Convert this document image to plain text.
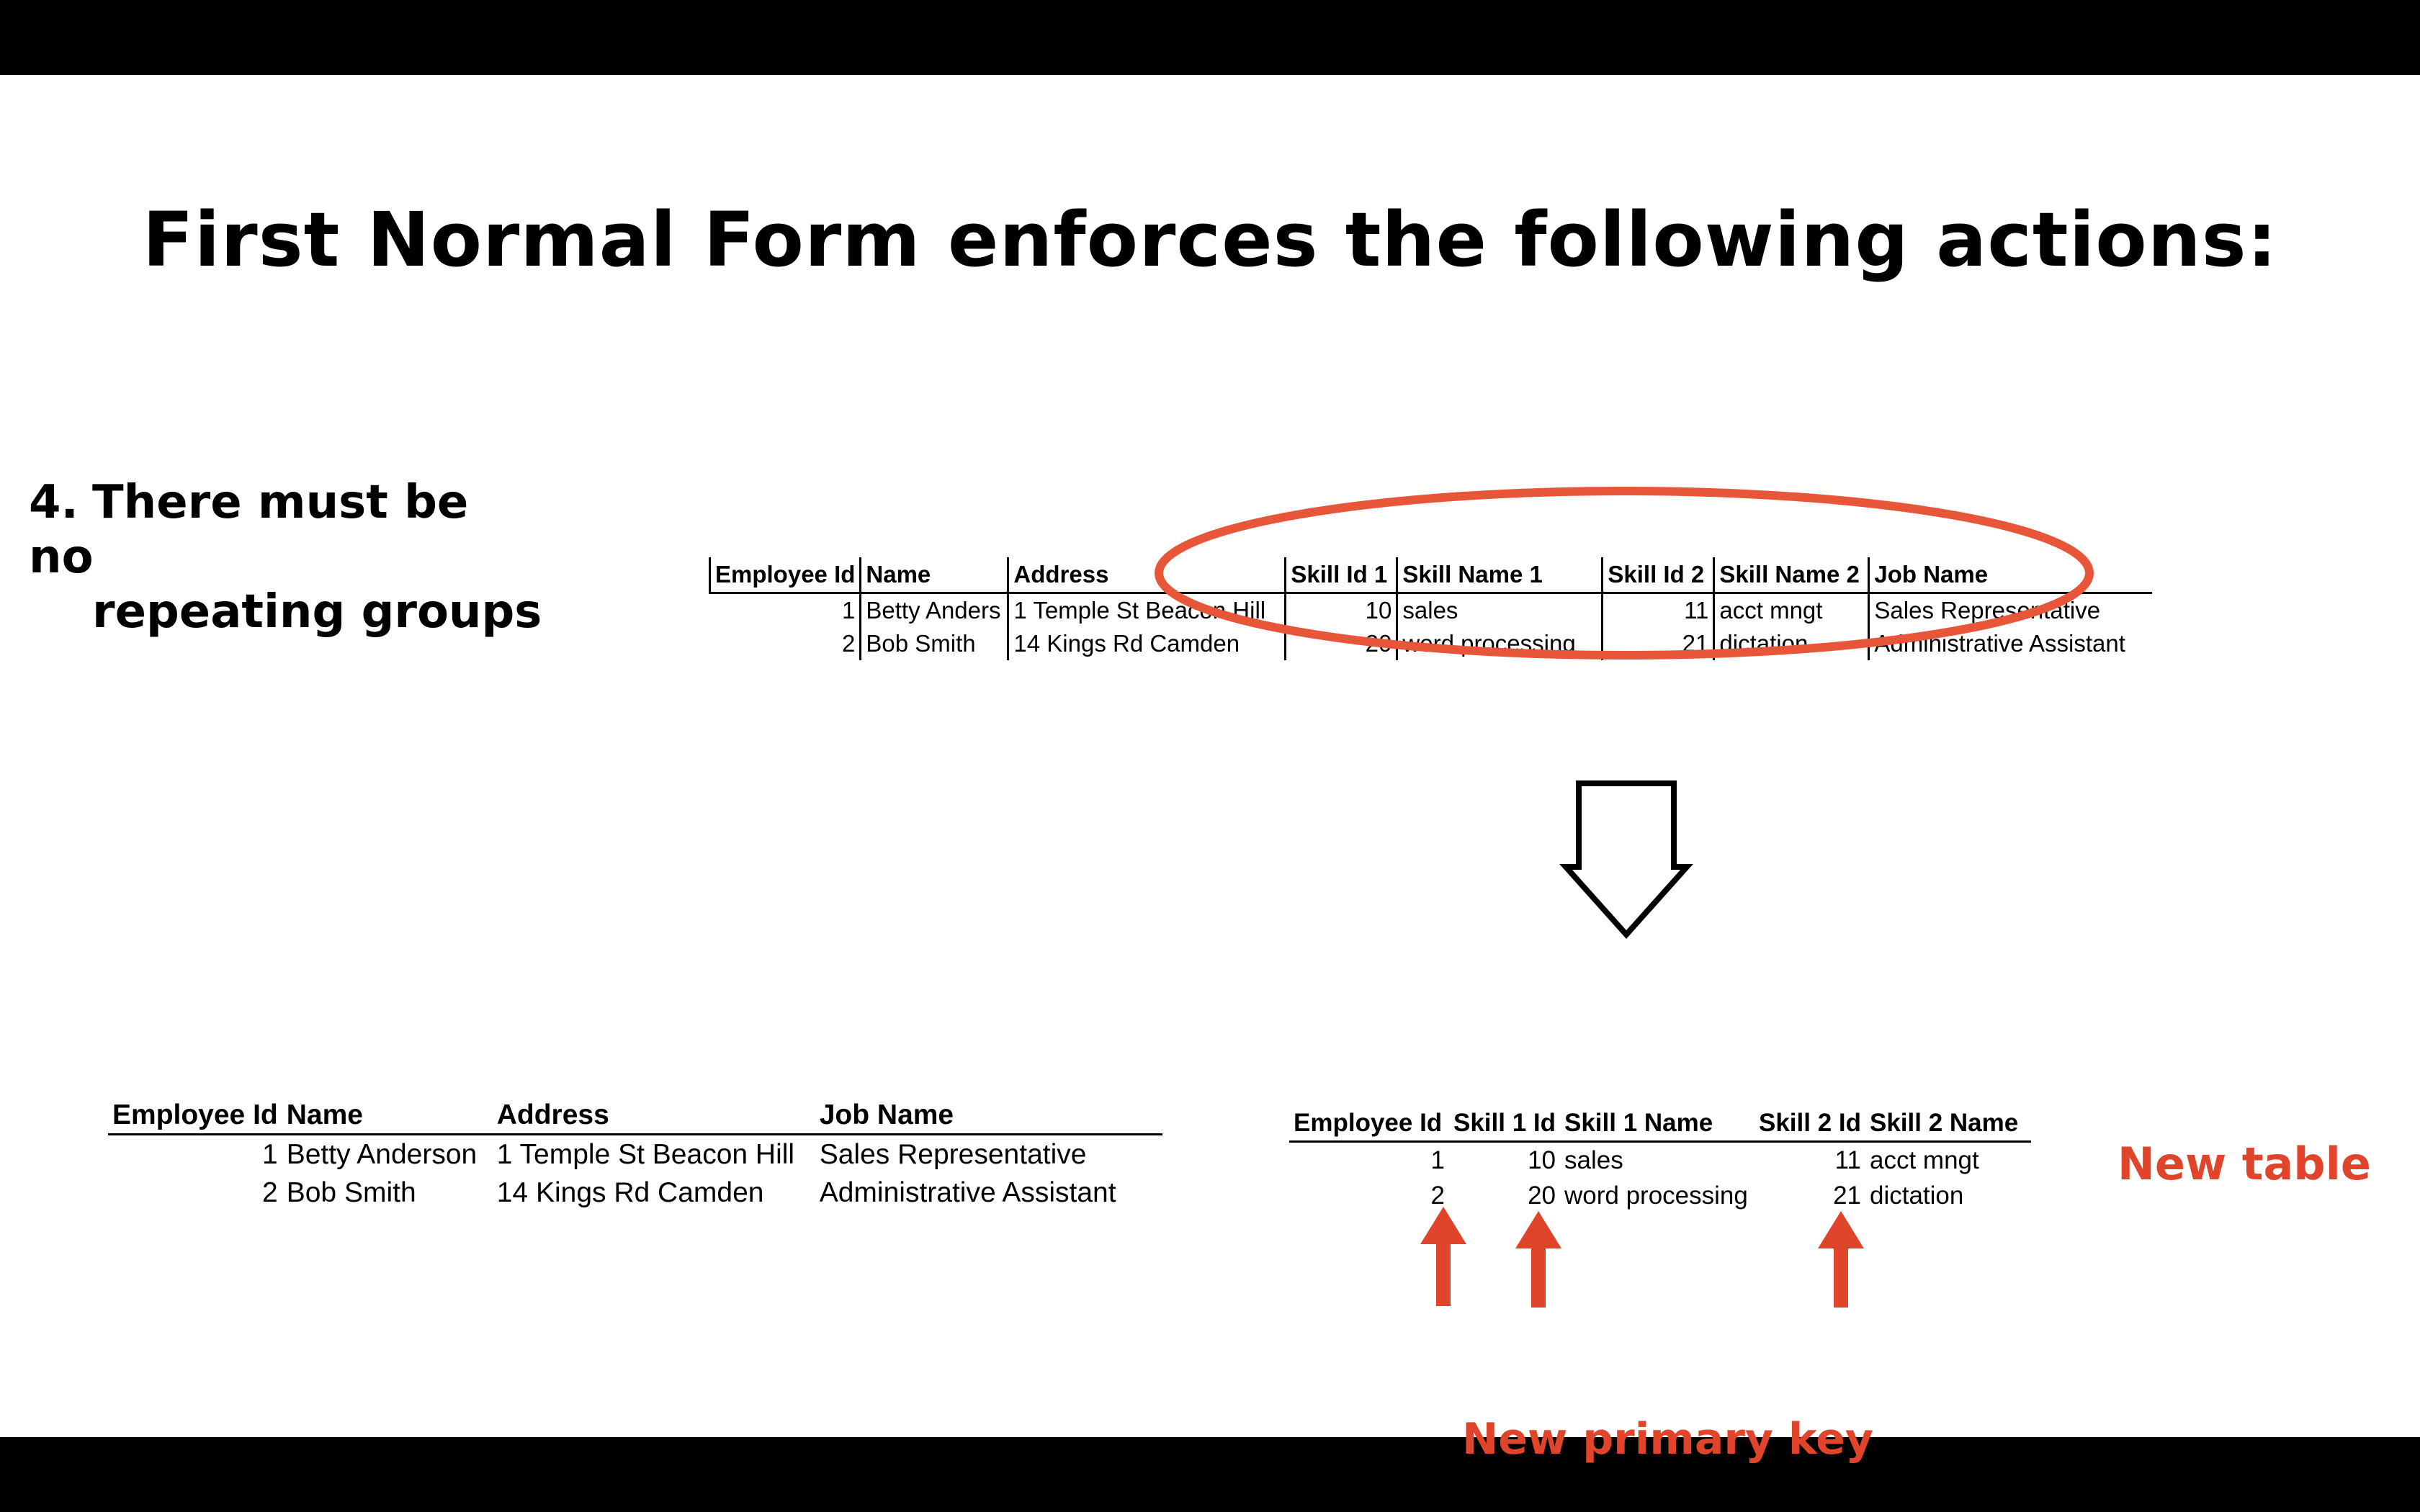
First Normal Form enforces the following actions:
4. There must be no
repeating groups
Employee Id	Name	Address	Skill Id 1	Skill Name 1	Skill Id 2	Skill Name 2	Job Name
1	Betty Anders	1 Temple St Beacon Hill	10	sales	11	acct mngt	Sales Representative
2	Bob Smith	14 Kings Rd Camden	20	word processing	21	dictation	Administrative Assistant
Employee Id	Name	Address	Job Name
1	Betty Anderson	1 Temple St Beacon Hill	Sales Representative
2	Bob Smith	14 Kings Rd Camden	Administrative Assistant
Employee Id	Skill 1 Id	Skill 1 Name	Skill 2 Id	Skill 2 Name
1	10	sales	11	acct mngt
2	20	word processing	21	dictation
New table
New primary key
